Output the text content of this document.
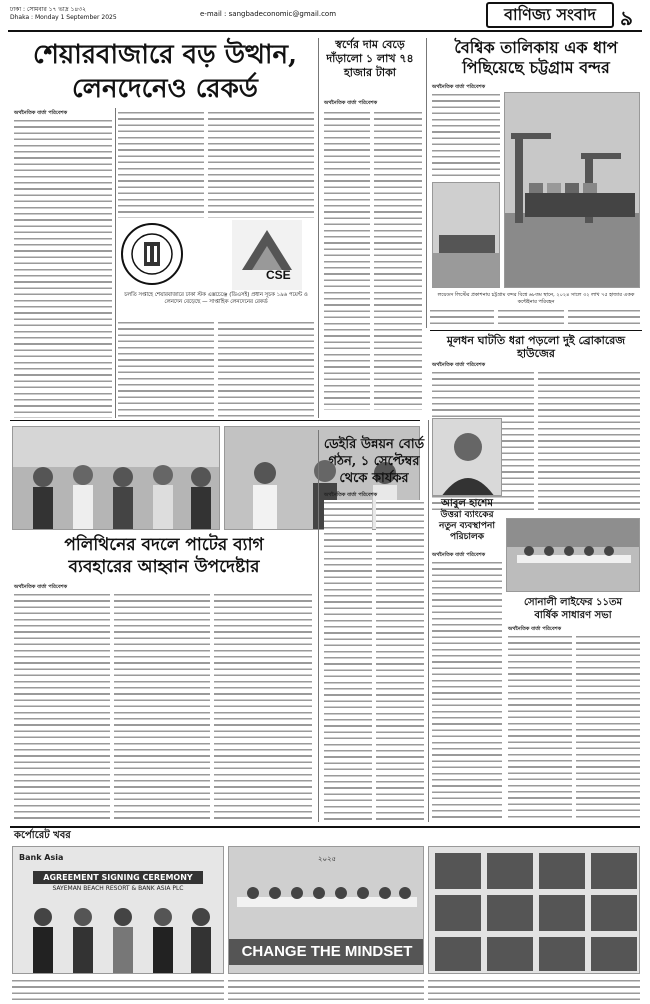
ঢাকা : সোমবার ১৭ ভাদ্র ১৪৩২
Dhaka : Monday 1 September 2025	e-mail : sangbadeconomic@gmail.com	বাণিজ্য সংবাদ	৯
শেয়ারবাজারে বড় উত্থান,
লেনদেনেও রেকর্ড
অর্থনৈতিক বার্তা পরিবেশক
CSE
চলতি সপ্তাহে শেয়ারবাজারে ঢাকা স্টক এক্সচেঞ্জে (ডিএসই) প্রধান সূচক ১৯৬ পয়েন্ট ও লেনদেন বেড়েছে — সাপ্তাহিক লেনদেনের রেকর্ড
স্বর্ণের দাম বেড়ে দাঁড়ালো ১ লাখ ৭৪ হাজার টাকা
অর্থনৈতিক বার্তা পরিবেশক
বৈশ্বিক তালিকায় এক ধাপ
পিছিয়েছে চট্টগ্রাম বন্দর
অর্থনৈতিক বার্তা পরিবেশক
লয়েডস লিস্টের প্রকাশনায় চট্টগ্রাম বন্দর বিশ্বে ৬৮তম স্থানে, ২০২৪ সালে ৩২ লাখ ৭৫ হাজার একক কন্টেইনার পরিবহন
মূলধন ঘাটতি ধরা পড়লো দুই ব্রোকারেজ হাউজের
অর্থনৈতিক বার্তা পরিবেশক
পলিথিনের বদলে পাটের ব্যাগ
ব্যবহারের আহ্বান উপদেষ্টার
অর্থনৈতিক বার্তা পরিবেশক
ডেইরি উন্নয়ন বোর্ড
গঠন, ১ সেপ্টেম্বর
থেকে কার্যকর
অর্থনৈতিক বার্তা পরিবেশক
আবুল হাশেম
উত্তরা ব্যাংকের
নতুন ব্যবস্থাপনা
পরিচালক
অর্থনৈতিক বার্তা পরিবেশক
সোনালী লাইফের ১১তম
বার্ষিক সাধারণ সভা
অর্থনৈতিক বার্তা পরিবেশক
কর্পোরেট খবর
Bank Asia
AGREEMENT SIGNING CEREMONY
SAYEMAN BEACH RESORT & BANK ASIA PLC
২০২৫
CHANGE THE MINDSET
